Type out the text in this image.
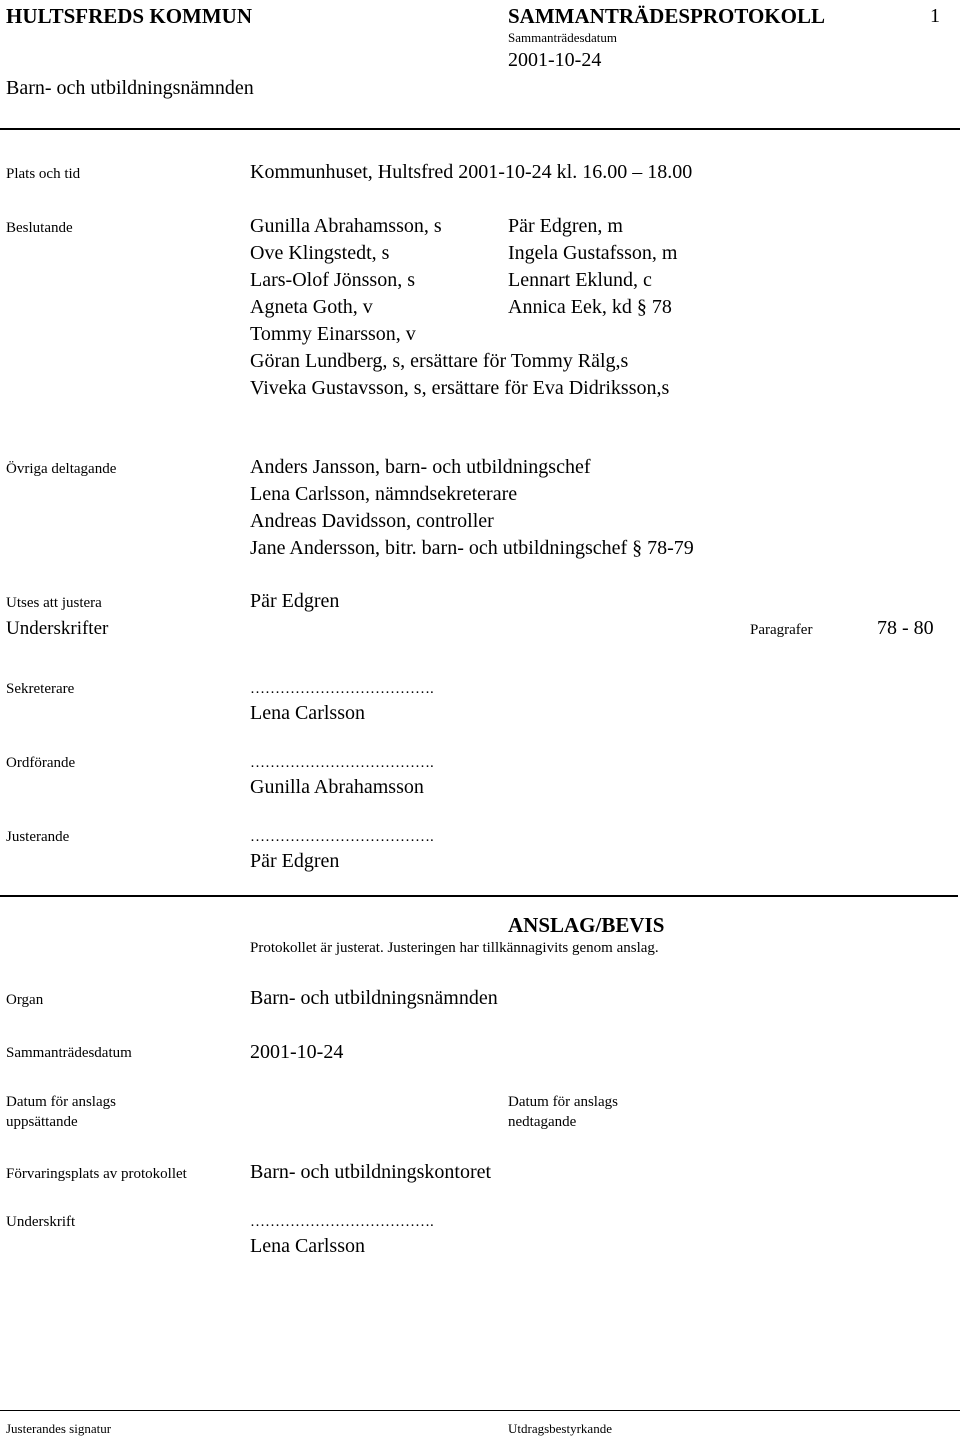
HULTSFREDS KOMMUN	SAMMANTRÄDESPROTOKOLL	1
Sammanträdesdatum
2001-10-24
Barn- och utbildningsnämnden
Plats och tid	Kommunhuset, Hultsfred 2001-10-24 kl. 16.00 – 18.00
Beslutande	Gunilla Abrahamsson, s	Pär Edgren, m
Ove Klingstedt, s	Ingela Gustafsson, m
Lars-Olof Jönsson, s	Lennart Eklund, c
Agneta Goth, v	Annica Eek, kd § 78
Tommy Einarsson, v
Göran Lundberg, s, ersättare för Tommy Rälg,s
Viveka Gustavsson, s, ersättare för Eva Didriksson,s
Övriga deltagande	Anders Jansson, barn- och utbildningschef
Lena Carlsson, nämndsekreterare
Andreas Davidsson, controller
Jane Andersson, bitr. barn- och utbildningschef § 78-79
Utses att justera	Pär Edgren
Underskrifter	Paragrafer	78 - 80
Sekreterare	……………………………….
Lena Carlsson
Ordförande	……………………………….
Gunilla Abrahamsson
Justerande	……………………………….
Pär Edgren
ANSLAG/BEVIS
Protokollet är justerat. Justeringen har tillkännagivits genom anslag.
Organ	Barn- och utbildningsnämnden
Sammanträdesdatum	2001-10-24
Datum för anslags
uppsättande
Datum för anslags
nedtagande
Förvaringsplats av protokollet	Barn- och utbildningskontoret
Underskrift	……………………………….
Lena Carlsson
Justerandes signatur	Utdragsbestyrkande
